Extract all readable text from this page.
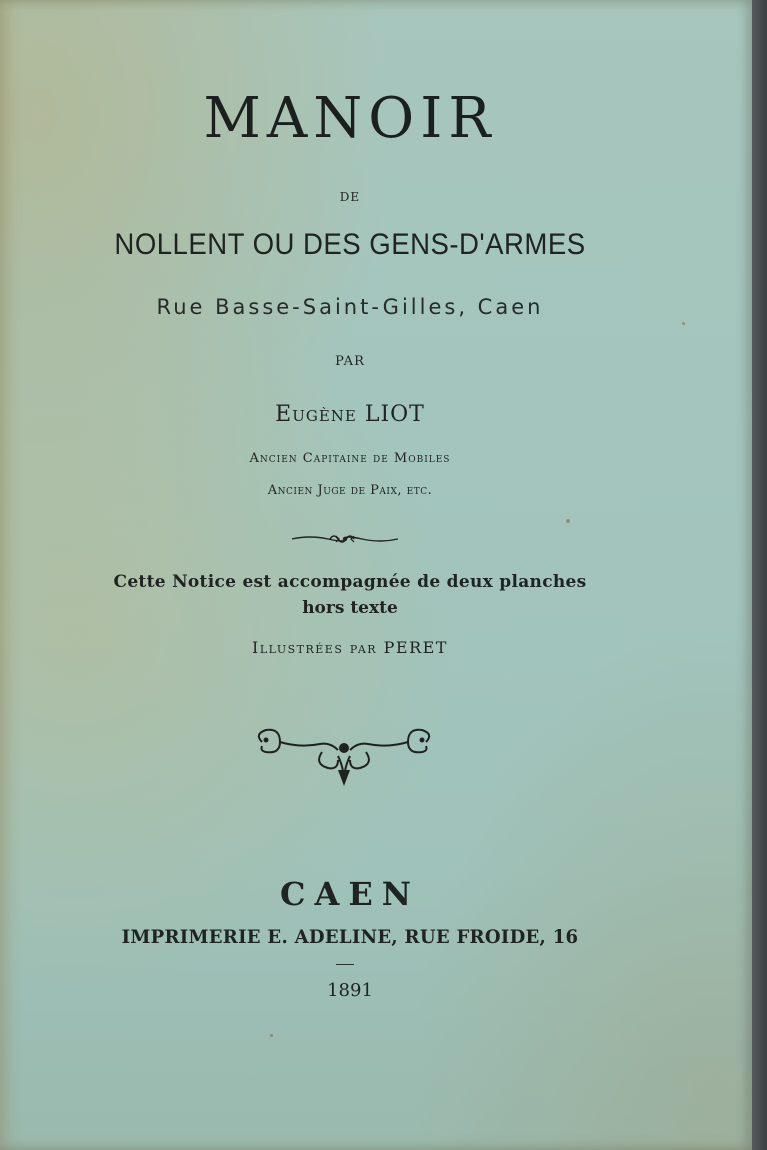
MANOIR
DE
NOLLENT OU DES GENS-D'ARMES
Rue Basse-Saint-Gilles, Caen
PAR
Eugène LIOT
Ancien Capitaine de Mobiles
Ancien Juge de Paix, etc.
Cette Notice est accompagnée de deux planches
hors texte
Illustrées par PERET
CAEN
IMPRIMERIE E. ADELINE, RUE FROIDE, 16
1891
